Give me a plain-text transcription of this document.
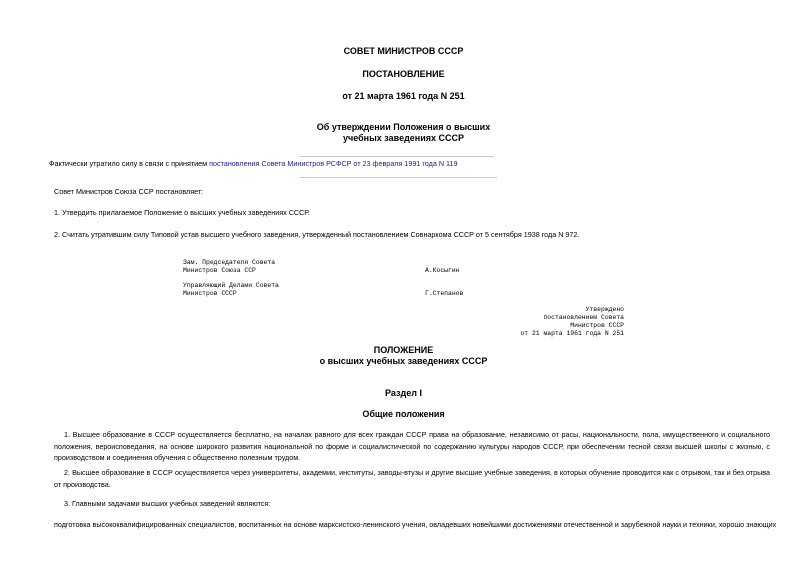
СОВЕТ МИНИСТРОВ СССР

ПОСТАНОВЛЕНИЕ

от 21 марта 1961 года N 251

Об утверждении Положения о высших

учебных заведениях СССР

Фактически утратило силу в связи с принятием постановления Совета Министров РСФСР от 23 февраля 1991 года N 119

Совет Министров Союза ССР постановляет:

1. Утвердить прилагаемое Положение о высших учебных заведениях СССР.

2. Считать утратившим силу Типовой устав высшего учебного заведения, утвержденный постановлением Совнаркома СССР от 5 сентября 1938 года N 972.

Зам. Председателя Совета
Министров Союза ССР	А.Косыгин

Управляющий Делами Совета
Министров СССР	Г.Степанов

Утверждено

постановлением Совета

Министров СССР

от 21 марта 1961 года N 251

ПОЛОЖЕНИЕ

о высших учебных заведениях СССР

Раздел I

Общие положения

1. Высшее образование в СССР осуществляется бесплатно, на началах равного для всех граждан СССР права на образование, независимо от расы, национальности, пола, имущественного и социального положения, вероисповедания, на основе широкого развития национальной по форме и социалистической по содержанию культуры народов СССР, при обеспечении тесной связи высшей школы с жизнью, с производством и соединения обучения с общественно полезным трудом.

2. Высшее образование в СССР осуществляется через университеты, академии, институты, заводы-втузы и другие высшие учебные заведения, в которых обучение проводится как с отрывом, так и без отрыва от производства.

3. Главными задачами высших учебных заведений являются:

подготовка высококвалифицированных специалистов, воспитанных на основе марксистско-ленинского учения, овладевших новейшими достижениями отечественной и зарубежной науки и техники, хорошо знающих
